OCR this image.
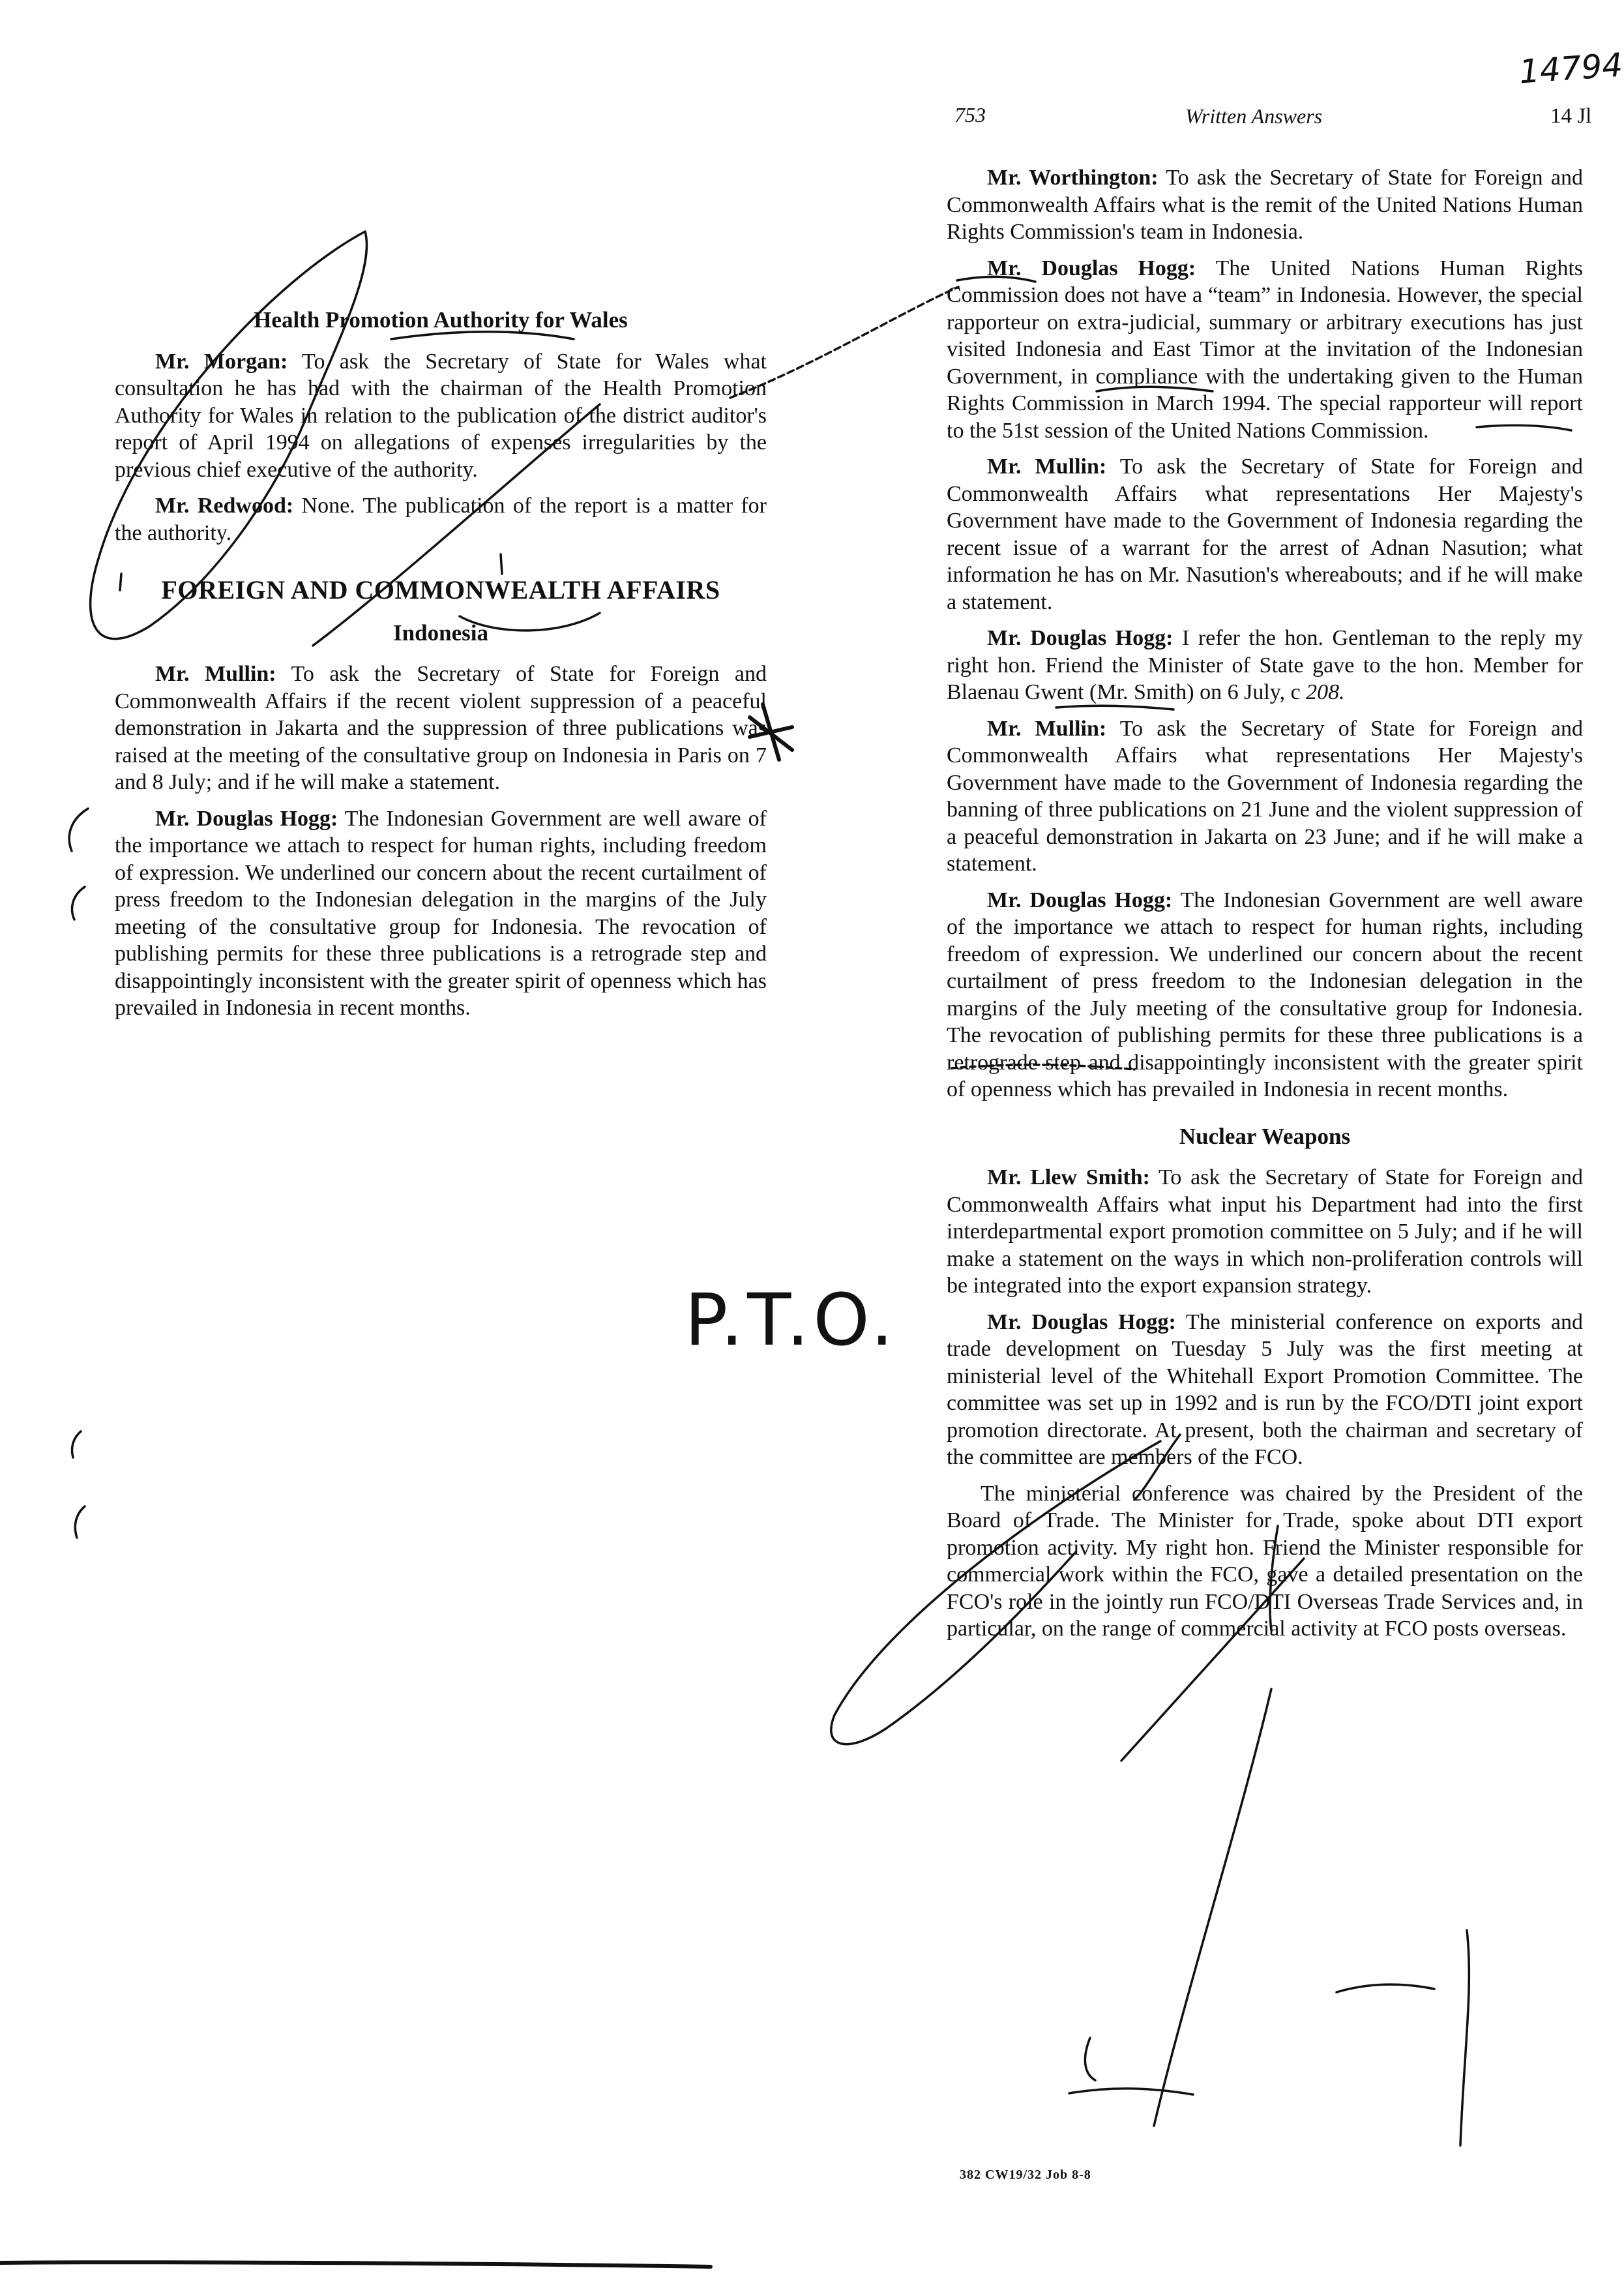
14794
753	Written Answers	14 Jl
Health Promotion Authority for Wales

Mr. Morgan: To ask the Secretary of State for Wales what consultation he has had with the chairman of the Health Promotion Authority for Wales in relation to the publication of the district auditor's report of April 1994 on allegations of expenses irregularities by the previous chief executive of the authority.

Mr. Redwood: None. The publication of the report is a matter for the authority.

FOREIGN AND COMMONWEALTH AFFAIRS
Indonesia

Mr. Mullin: To ask the Secretary of State for Foreign and Commonwealth Affairs if the recent violent suppression of a peaceful demonstration in Jakarta and the suppression of three publications was raised at the meeting of the consultative group on Indonesia in Paris on 7 and 8 July; and if he will make a statement.

Mr. Douglas Hogg: The Indonesian Government are well aware of the importance we attach to respect for human rights, including freedom of expression. We underlined our concern about the recent curtailment of press freedom to the Indonesian delegation in the margins of the July meeting of the consultative group for Indonesia. The revocation of publishing permits for these three publications is a retrograde step and disappointingly inconsistent with the greater spirit of openness which has prevailed in Indonesia in recent months.

P.T.O.

Mr. Worthington: To ask the Secretary of State for Foreign and Commonwealth Affairs what is the remit of the United Nations Human Rights Commission's team in Indonesia.

Mr. Douglas Hogg: The United Nations Human Rights Commission does not have a “team” in Indonesia. However, the special rapporteur on extra-judicial, summary or arbitrary executions has just visited Indonesia and East Timor at the invitation of the Indonesian Government, in compliance with the undertaking given to the Human Rights Commission in March 1994. The special rapporteur will report to the 51st session of the United Nations Commission.

Mr. Mullin: To ask the Secretary of State for Foreign and Commonwealth Affairs what representations Her Majesty's Government have made to the Government of Indonesia regarding the recent issue of a warrant for the arrest of Adnan Nasution; what information he has on Mr. Nasution's whereabouts; and if he will make a statement.

Mr. Douglas Hogg: I refer the hon. Gentleman to the reply my right hon. Friend the Minister of State gave to the hon. Member for Blaenau Gwent (Mr. Smith) on 6 July, c 208.

Mr. Mullin: To ask the Secretary of State for Foreign and Commonwealth Affairs what representations Her Majesty's Government have made to the Government of Indonesia regarding the banning of three publications on 21 June and the violent suppression of a peaceful demonstration in Jakarta on 23 June; and if he will make a statement.

Mr. Douglas Hogg: The Indonesian Government are well aware of the importance we attach to respect for human rights, including freedom of expression. We underlined our concern about the recent curtailment of press freedom to the Indonesian delegation in the margins of the July meeting of the consultative group for Indonesia. The revocation of publishing permits for these three publications is a retrograde step and disappointingly inconsistent with the greater spirit of openness which has prevailed in Indonesia in recent months.

Nuclear Weapons

Mr. Llew Smith: To ask the Secretary of State for Foreign and Commonwealth Affairs what input his Department had into the first interdepartmental export promotion committee on 5 July; and if he will make a statement on the ways in which non-proliferation controls will be integrated into the export expansion strategy.

Mr. Douglas Hogg: The ministerial conference on exports and trade development on Tuesday 5 July was the first meeting at ministerial level of the Whitehall Export Promotion Committee. The committee was set up in 1992 and is run by the FCO/DTI joint export promotion directorate. At present, both the chairman and secretary of the committee are members of the FCO.

The ministerial conference was chaired by the President of the Board of Trade. The Minister for Trade, spoke about DTI export promotion activity. My right hon. Friend the Minister responsible for commercial work within the FCO, gave a detailed presentation on the FCO's role in the jointly run FCO/DTI Overseas Trade Services and, in particular, on the range of commercial activity at FCO posts overseas.

382 CW19/32 Job 8-8
